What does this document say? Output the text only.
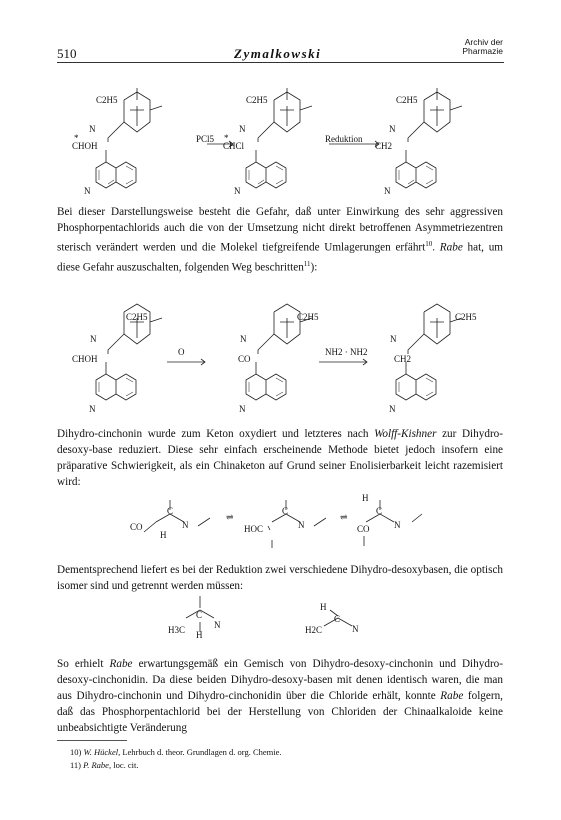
510	Zymalkowski
Archiv der
Pharmazie
C2H5	C2H5	C2H5
N	N	N
CHOH	CHCl	CH2
*	*
PCl5	Reduktion
N	N	N

Bei dieser Darstellungsweise besteht die Gefahr, daß unter Einwirkung des sehr aggressiven Phosphorpentachlorids auch die von der Umsetzung nicht direkt betroffenen Asymmetriezentren sterisch verändert werden und die Molekel tiefgreifende Umlagerungen erfährt$^{10}$. Rabe hat, um diese Gefahr auszuschalten, folgenden Weg beschritten$^{11}$):

C2H5	C2H5	C2H5
N	N	N
CHOH	CO	CH2
O	NH2 · NH2
N	N	N

Dihydro-cinchonin wurde zum Keton oxydiert und letzteres nach Wolff-Kishner zur Dihydro-desoxy-base reduziert. Diese sehr einfach erscheinende Methode bietet jedoch insofern eine präparative Schwierigkeit, als ein Chinaketon auf Grund seiner Enolisierbarkeit leicht razemisiert wird:

C
N
CO
H
⇌
C
N
HOC
⇌
H
C
N
CO

Dementsprechend liefert es bei der Reduktion zwei verschiedene Dihydro-desoxybasen, die optisch isomer sind und getrennt werden müssen:

C
N
H3C H
H
C
N
H2C

So erhielt Rabe erwartungsgemäß ein Gemisch von Dihydro-desoxy-cinchonin und Dihydro-desoxy-cinchonidin. Da diese beiden Dihydro-desoxy-basen mit denen identisch waren, die man aus Dihydro-cinchonin und Dihydro-cinchonidin über die Chloride erhält, konnte Rabe folgern, daß das Phosphorpentachlorid bei der Herstellung von Chloriden der Chinaalkaloide keine unbeabsichtigte Veränderung

10) W. Hückel, Lehrbuch d. theor. Grundlagen d. org. Chemie.
11) P. Rabe, loc. cit.
